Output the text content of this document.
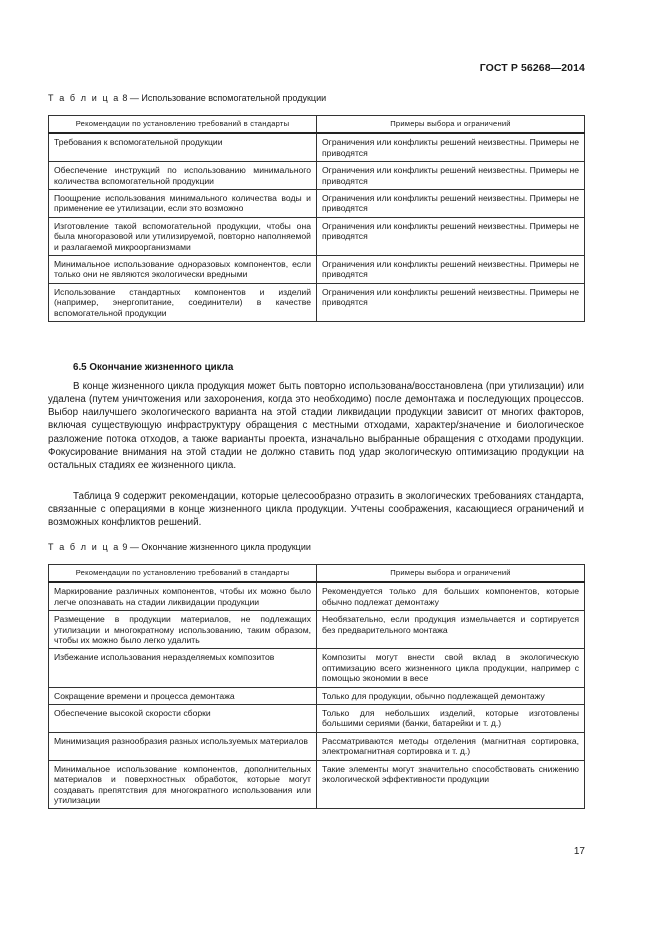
ГОСТ Р 56268—2014
Т а б л и ц а 8 — Использование вспомогательной продукции
Рекомендации по установлению требований в стандарты	Примеры выбора и ограничений
Требования к вспомогательной продукции	Ограничения или конфликты решений неизвестны. Примеры не приводятся
Обеспечение инструкций по использованию минимального количества вспомогательной продукции	Ограничения или конфликты решений неизвестны. Примеры не приводятся
Поощрение использования минимального количества воды и применение ее утилизации, если это возможно	Ограничения или конфликты решений неизвестны. Примеры не приводятся
Изготовление такой вспомогательной продукции, чтобы она была многоразовой или утилизируемой, повторно наполняемой и разлагаемой микроорганизмами	Ограничения или конфликты решений неизвестны. Примеры не приводятся
Минимальное использование одноразовых компонентов, если только они не являются экологически вредными	Ограничения или конфликты решений неизвестны. Примеры не приводятся
Использование стандартных компонентов и изделий (например, энергопитание, соединители) в качестве вспомогательной продукции	Ограничения или конфликты решений неизвестны. Примеры не приводятся
6.5 Окончание жизненного цикла

В конце жизненного цикла продукция может быть повторно использована/восстановлена (при утилизации) или удалена (путем уничтожения или захоронения, когда это необходимо) после демонтажа и последующих процессов. Выбор наилучшего экологического варианта на этой стадии ликвидации продукции зависит от многих факторов, включая существующую инфраструктуру обращения с местными отходами, характер/значение и биологическое разложение потока отходов, а также варианты проекта, изначально выбранные обращения с отходами продукции. Фокусирование внимания на этой стадии не должно ставить под удар экологическую оптимизацию продукции на остальных стадиях ее жизненного цикла.

Таблица 9 содержит рекомендации, которые целесообразно отразить в экологических требованиях стандарта, связанные с операциями в конце жизненного цикла продукции. Учтены соображения, касающиеся ограничений и возможных конфликтов решений.

Т а б л и ц а 9 — Окончание жизненного цикла продукции
Рекомендации по установлению требований в стандарты	Примеры выбора и ограничений
Маркирование различных компонентов, чтобы их можно было легче опознавать на стадии ликвидации продукции	Рекомендуется только для больших компонентов, которые обычно подлежат демонтажу
Размещение в продукции материалов, не подлежащих утилизации и многократному использованию, таким образом, чтобы их можно было легко удалить	Необязательно, если продукция измельчается и сортируется без предварительного монтажа
Избежание использования неразделяемых композитов	Композиты могут внести свой вклад в экологическую оптимизацию всего жизненного цикла продукции, например с помощью экономии в весе
Сокращение времени и процесса демонтажа	Только для продукции, обычно подлежащей демонтажу
Обеспечение высокой скорости сборки	Только для небольших изделий, которые изготовлены большими сериями (банки, батарейки и т. д.)
Минимизация разнообразия разных используемых материалов	Рассматриваются методы отделения (магнитная сортировка, электромагнитная сортировка и т. д.)
Минимальное использование компонентов, дополнительных материалов и поверхностных обработок, которые могут создавать препятствия для многократного использования или утилизации	Такие элементы могут значительно способствовать снижению экологической эффективности продукции
17
